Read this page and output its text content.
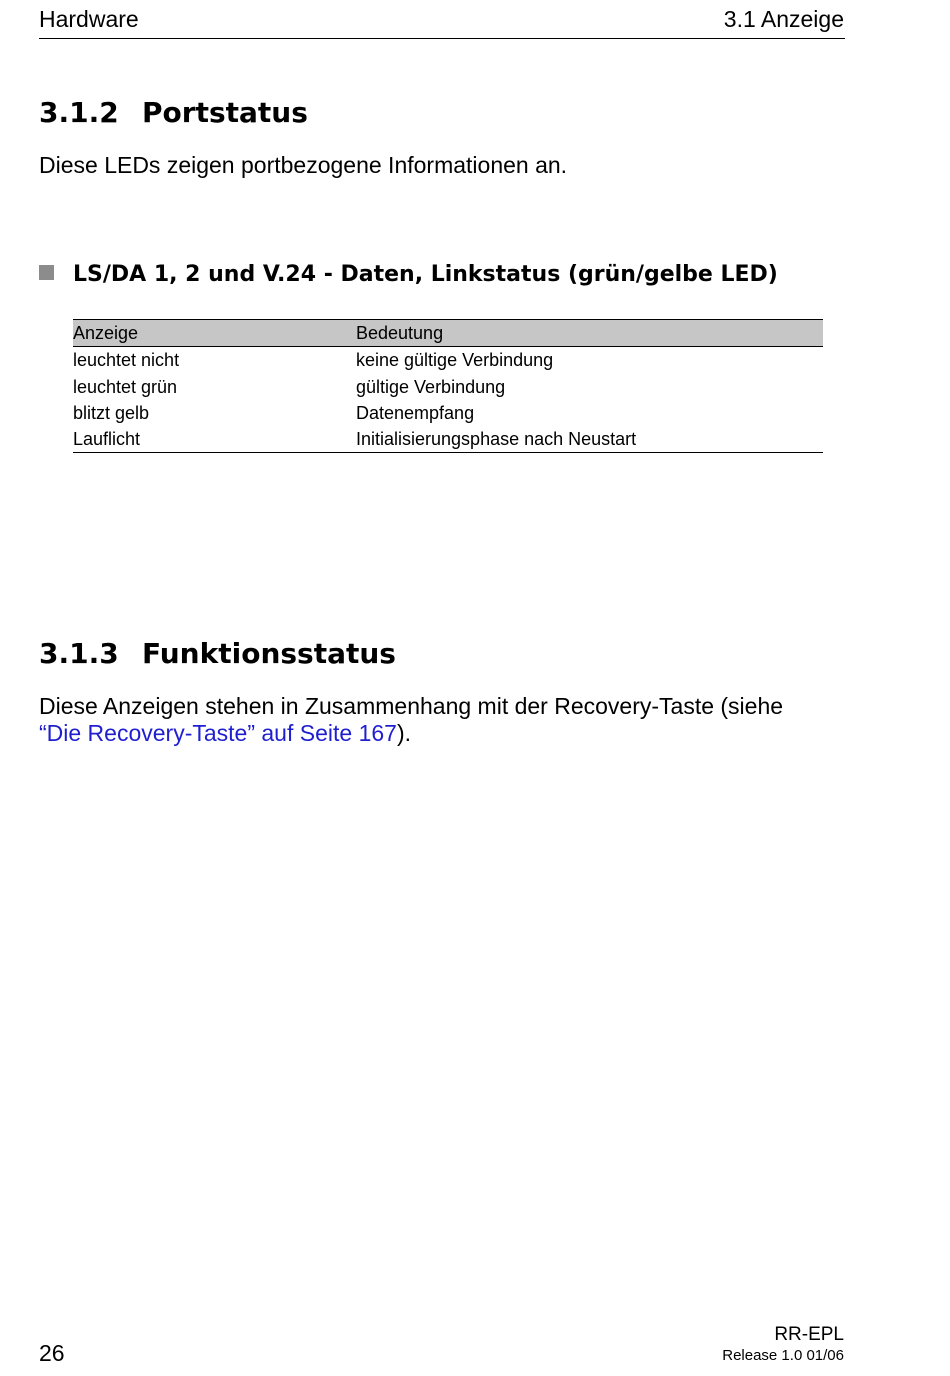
Hardware	3.1 Anzeige
3.1.2 Portstatus
Diese LEDs zeigen portbezogene Informationen an.
LS/DA 1, 2 und V.24 - Daten, Linkstatus (grün/gelbe LED)
Anzeige	Bedeutung
leuchtet nicht	keine gültige Verbindung
leuchtet grün	gültige Verbindung
blitzt gelb	Datenempfang
Lauflicht	Initialisierungsphase nach Neustart
3.1.3 Funktionsstatus
Diese Anzeigen stehen in Zusammenhang mit der Recovery-Taste (siehe
“Die Recovery-Taste” auf Seite 167).
26
RR-EPL
Release 1.0 01/06
